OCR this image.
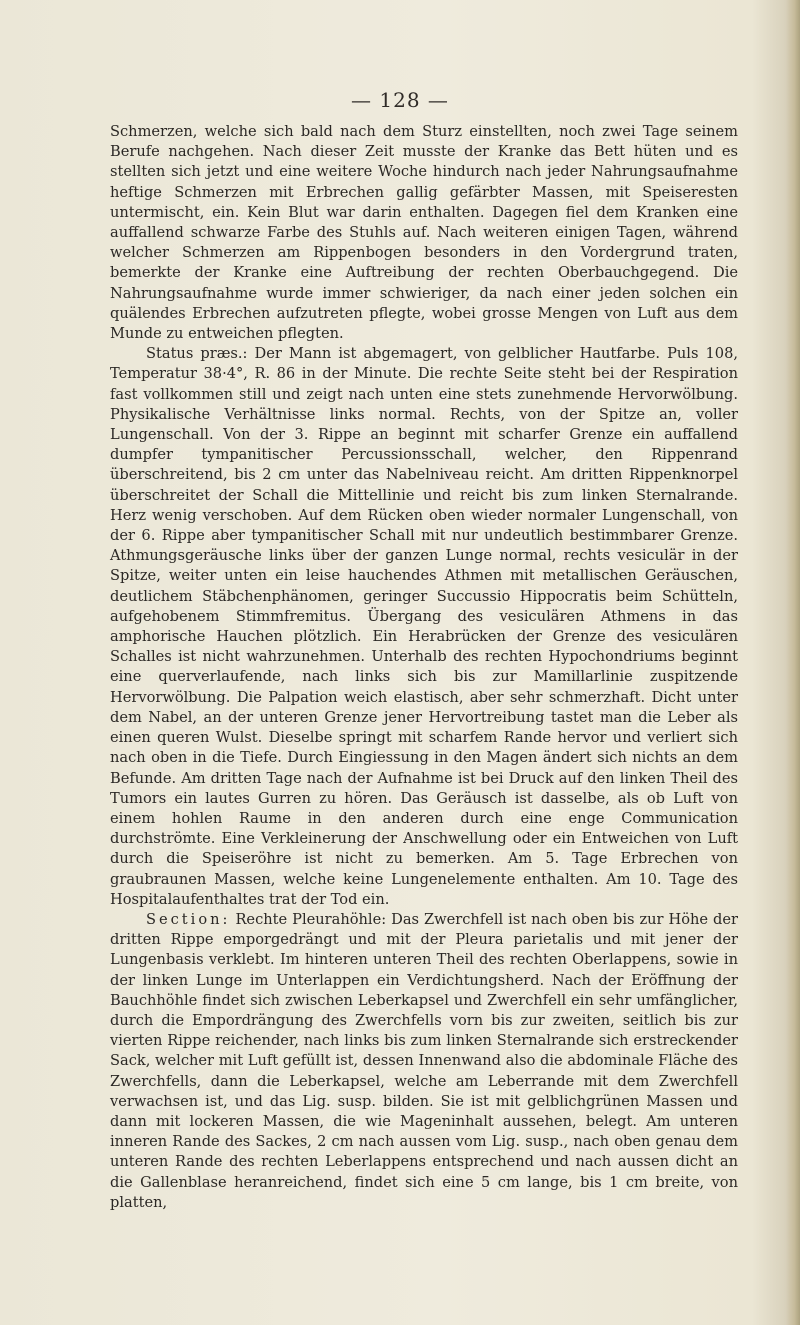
— 128 —

Schmerzen, welche sich bald nach dem Sturz einstellten, noch zwei Tage seinem Berufe nachgehen. Nach dieser Zeit musste der Kranke das Bett hüten und es stellten sich jetzt und eine weitere Woche hindurch nach jeder Nahrungsaufnahme heftige Schmerzen mit Erbrechen gallig gefärbter Massen, mit Speiseresten untermischt, ein. Kein Blut war darin enthalten. Dagegen fiel dem Kranken eine auffallend schwarze Farbe des Stuhls auf. Nach weiteren einigen Tagen, während welcher Schmerzen am Rippenbogen besonders in den Vordergrund traten, bemerkte der Kranke eine Auftreibung der rechten Oberbauchgegend. Die Nahrungsaufnahme wurde immer schwieriger, da nach einer jeden solchen ein quälendes Erbrechen aufzutreten pflegte, wobei grosse Mengen von Luft aus dem Munde zu entweichen pflegten.

Status præs.: Der Mann ist abgemagert, von gelblicher Hautfarbe. Puls 108, Temperatur 38·4°, R. 86 in der Minute. Die rechte Seite steht bei der Respiration fast vollkommen still und zeigt nach unten eine stets zunehmende Hervorwölbung. Physikalische Verhältnisse links normal. Rechts, von der Spitze an, voller Lungenschall. Von der 3. Rippe an beginnt mit scharfer Grenze ein auffallend dumpfer tympanitischer Percussionsschall, welcher, den Rippenrand überschreitend, bis 2 cm unter das Nabelniveau reicht. Am dritten Rippenknorpel überschreitet der Schall die Mittellinie und reicht bis zum linken Sternalrande. Herz wenig verschoben. Auf dem Rücken oben wieder normaler Lungenschall, von der 6. Rippe aber tympanitischer Schall mit nur undeutlich bestimmbarer Grenze. Athmungsgeräusche links über der ganzen Lunge normal, rechts vesiculär in der Spitze, weiter unten ein leise hauchendes Athmen mit metallischen Geräuschen, deutlichem Stäbchenphänomen, geringer Succussio Hippocratis beim Schütteln, aufgehobenem Stimmfremitus. Übergang des vesiculären Athmens in das amphorische Hauchen plötzlich. Ein Herabrücken der Grenze des vesiculären Schalles ist nicht wahrzunehmen. Unterhalb des rechten Hypochondriums beginnt eine querverlaufende, nach links sich bis zur Mamillarlinie zuspitzende Hervorwölbung. Die Palpation weich elastisch, aber sehr schmerzhaft. Dicht unter dem Nabel, an der unteren Grenze jener Hervortreibung tastet man die Leber als einen queren Wulst. Dieselbe springt mit scharfem Rande hervor und verliert sich nach oben in die Tiefe. Durch Eingiessung in den Magen ändert sich nichts an dem Befunde. Am dritten Tage nach der Aufnahme ist bei Druck auf den linken Theil des Tumors ein lautes Gurren zu hören. Das Geräusch ist dasselbe, als ob Luft von einem hohlen Raume in den anderen durch eine enge Communication durchströmte. Eine Verkleinerung der Anschwellung oder ein Entweichen von Luft durch die Speiseröhre ist nicht zu bemerken. Am 5. Tage Erbrechen von graubraunen Massen, welche keine Lungenelemente enthalten. Am 10. Tage des Hospitalaufenthaltes trat der Tod ein.

Section: Rechte Pleurahöhle: Das Zwerchfell ist nach oben bis zur Höhe der dritten Rippe emporgedrängt und mit der Pleura parietalis und mit jener der Lungenbasis verklebt. Im hinteren unteren Theil des rechten Oberlappens, sowie in der linken Lunge im Unterlappen ein Verdichtungsherd. Nach der Eröffnung der Bauchhöhle findet sich zwischen Leberkapsel und Zwerchfell ein sehr umfänglicher, durch die Empordrängung des Zwerchfells vorn bis zur zweiten, seitlich bis zur vierten Rippe reichender, nach links bis zum linken Sternalrande sich erstreckender Sack, welcher mit Luft gefüllt ist, dessen Innenwand also die abdominale Fläche des Zwerchfells, dann die Leberkapsel, welche am Leberrande mit dem Zwerchfell verwachsen ist, und das Lig. susp. bilden. Sie ist mit gelblichgrünen Massen und dann mit lockeren Massen, die wie Mageninhalt aussehen, belegt. Am unteren inneren Rande des Sackes, 2 cm nach aussen vom Lig. susp., nach oben genau dem unteren Rande des rechten Leberlappens entsprechend und nach aussen dicht an die Gallenblase heranreichend, findet sich eine 5 cm lange, bis 1 cm breite, von platten,
